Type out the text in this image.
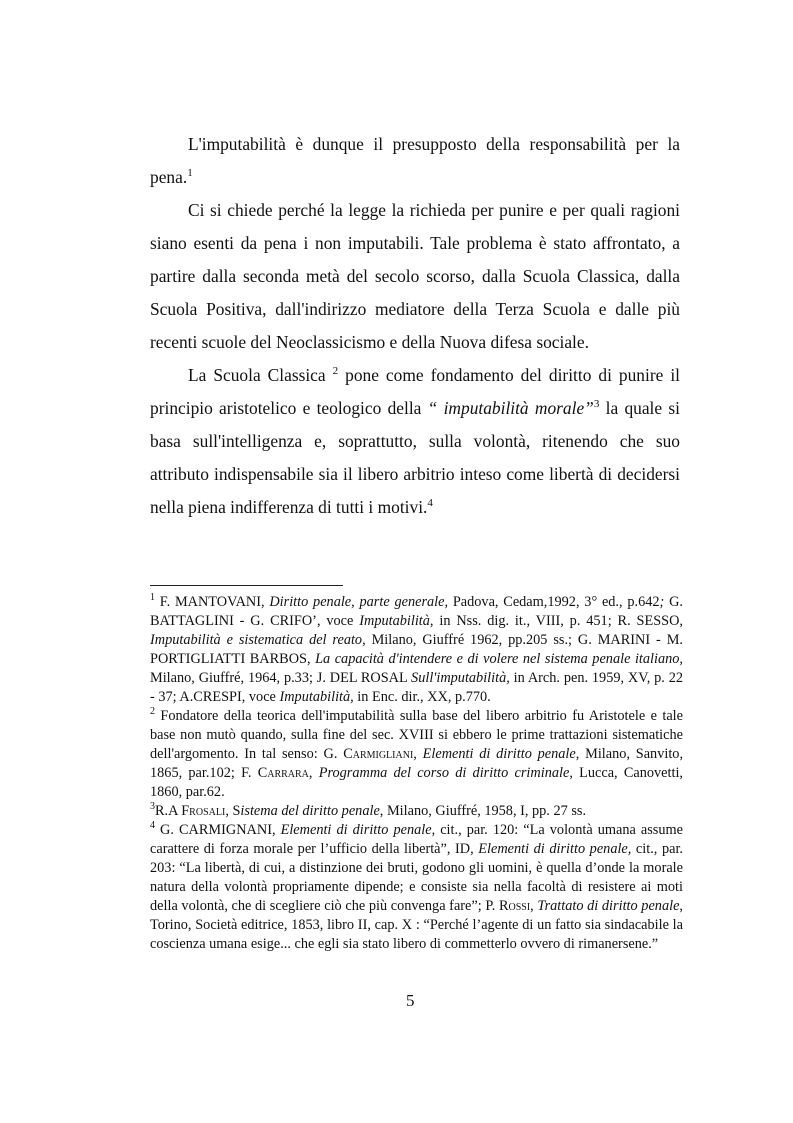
L'imputabilità è dunque il presupposto della responsabilità per la pena.$^1$

Ci si chiede perché la legge la richieda per punire e per quali ragioni siano esenti da pena i non imputabili. Tale problema è stato affrontato, a partire dalla seconda metà del secolo scorso, dalla Scuola Classica, dalla Scuola Positiva, dall'indirizzo mediatore della Terza Scuola e dalle più recenti scuole del Neoclassicismo e della Nuova difesa sociale.

La Scuola Classica $^2$ pone come fondamento del diritto di punire il principio aristotelico e teologico della “ imputabilità morale”$^3$ la quale si basa sull'intelligenza e, soprattutto, sulla volontà, ritenendo che suo attributo indispensabile sia il libero arbitrio inteso come libertà di decidersi nella piena indifferenza di tutti i motivi.$^4$

$^1$ F. MANTOVANI, Diritto penale, parte generale, Padova, Cedam,1992, 3° ed., p.642; G. BATTAGLINI - G. CRIFO’, voce Imputabilità, in Nss. dig. it., VIII, p. 451; R. SESSO, Imputabilità e sistematica del reato, Milano, Giuffré 1962, pp.205 ss.; G. MARINI - M. PORTIGLIATTI BARBOS, La capacità d'intendere e di volere nel sistema penale italiano, Milano, Giuffré, 1964, p.33; J. DEL ROSAL Sull'imputabilità, in Arch. pen. 1959, XV, p. 22 - 37; A.CRESPI, voce Imputabilità, in Enc. dir., XX, p.770.

$^2$ Fondatore della teorica dell'imputabilità sulla base del libero arbitrio fu Aristotele e tale base non mutò quando, sulla fine del sec. XVIII si ebbero le prime trattazioni sistematiche dell'argomento. In tal senso: G. Carmigliani, Elementi di diritto penale, Milano, Sanvito, 1865, par.102; F. Carrara, Programma del corso di diritto criminale, Lucca, Canovetti, 1860, par.62.

$^3$R.A Frosali, Sistema del diritto penale, Milano, Giuffré, 1958, I, pp. 27 ss.

$^4$ G. CARMIGNANI, Elementi di diritto penale, cit., par. 120: “La volontà umana assume carattere di forza morale per l’ufficio della libertà”, ID, Elementi di diritto penale, cit., par. 203: “La libertà, di cui, a distinzione dei bruti, godono gli uomini, è quella d’onde la morale natura della volontà propriamente dipende; e consiste sia nella facoltà di resistere ai moti della volontà, che di scegliere ciò che più convenga fare”; P. Rossi, Trattato di diritto penale, Torino, Società editrice, 1853, libro II, cap. X : “Perché l’agente di un fatto sia sindacabile la coscienza umana esige... che egli sia stato libero di commetterlo ovvero di rimanersene.”

5
